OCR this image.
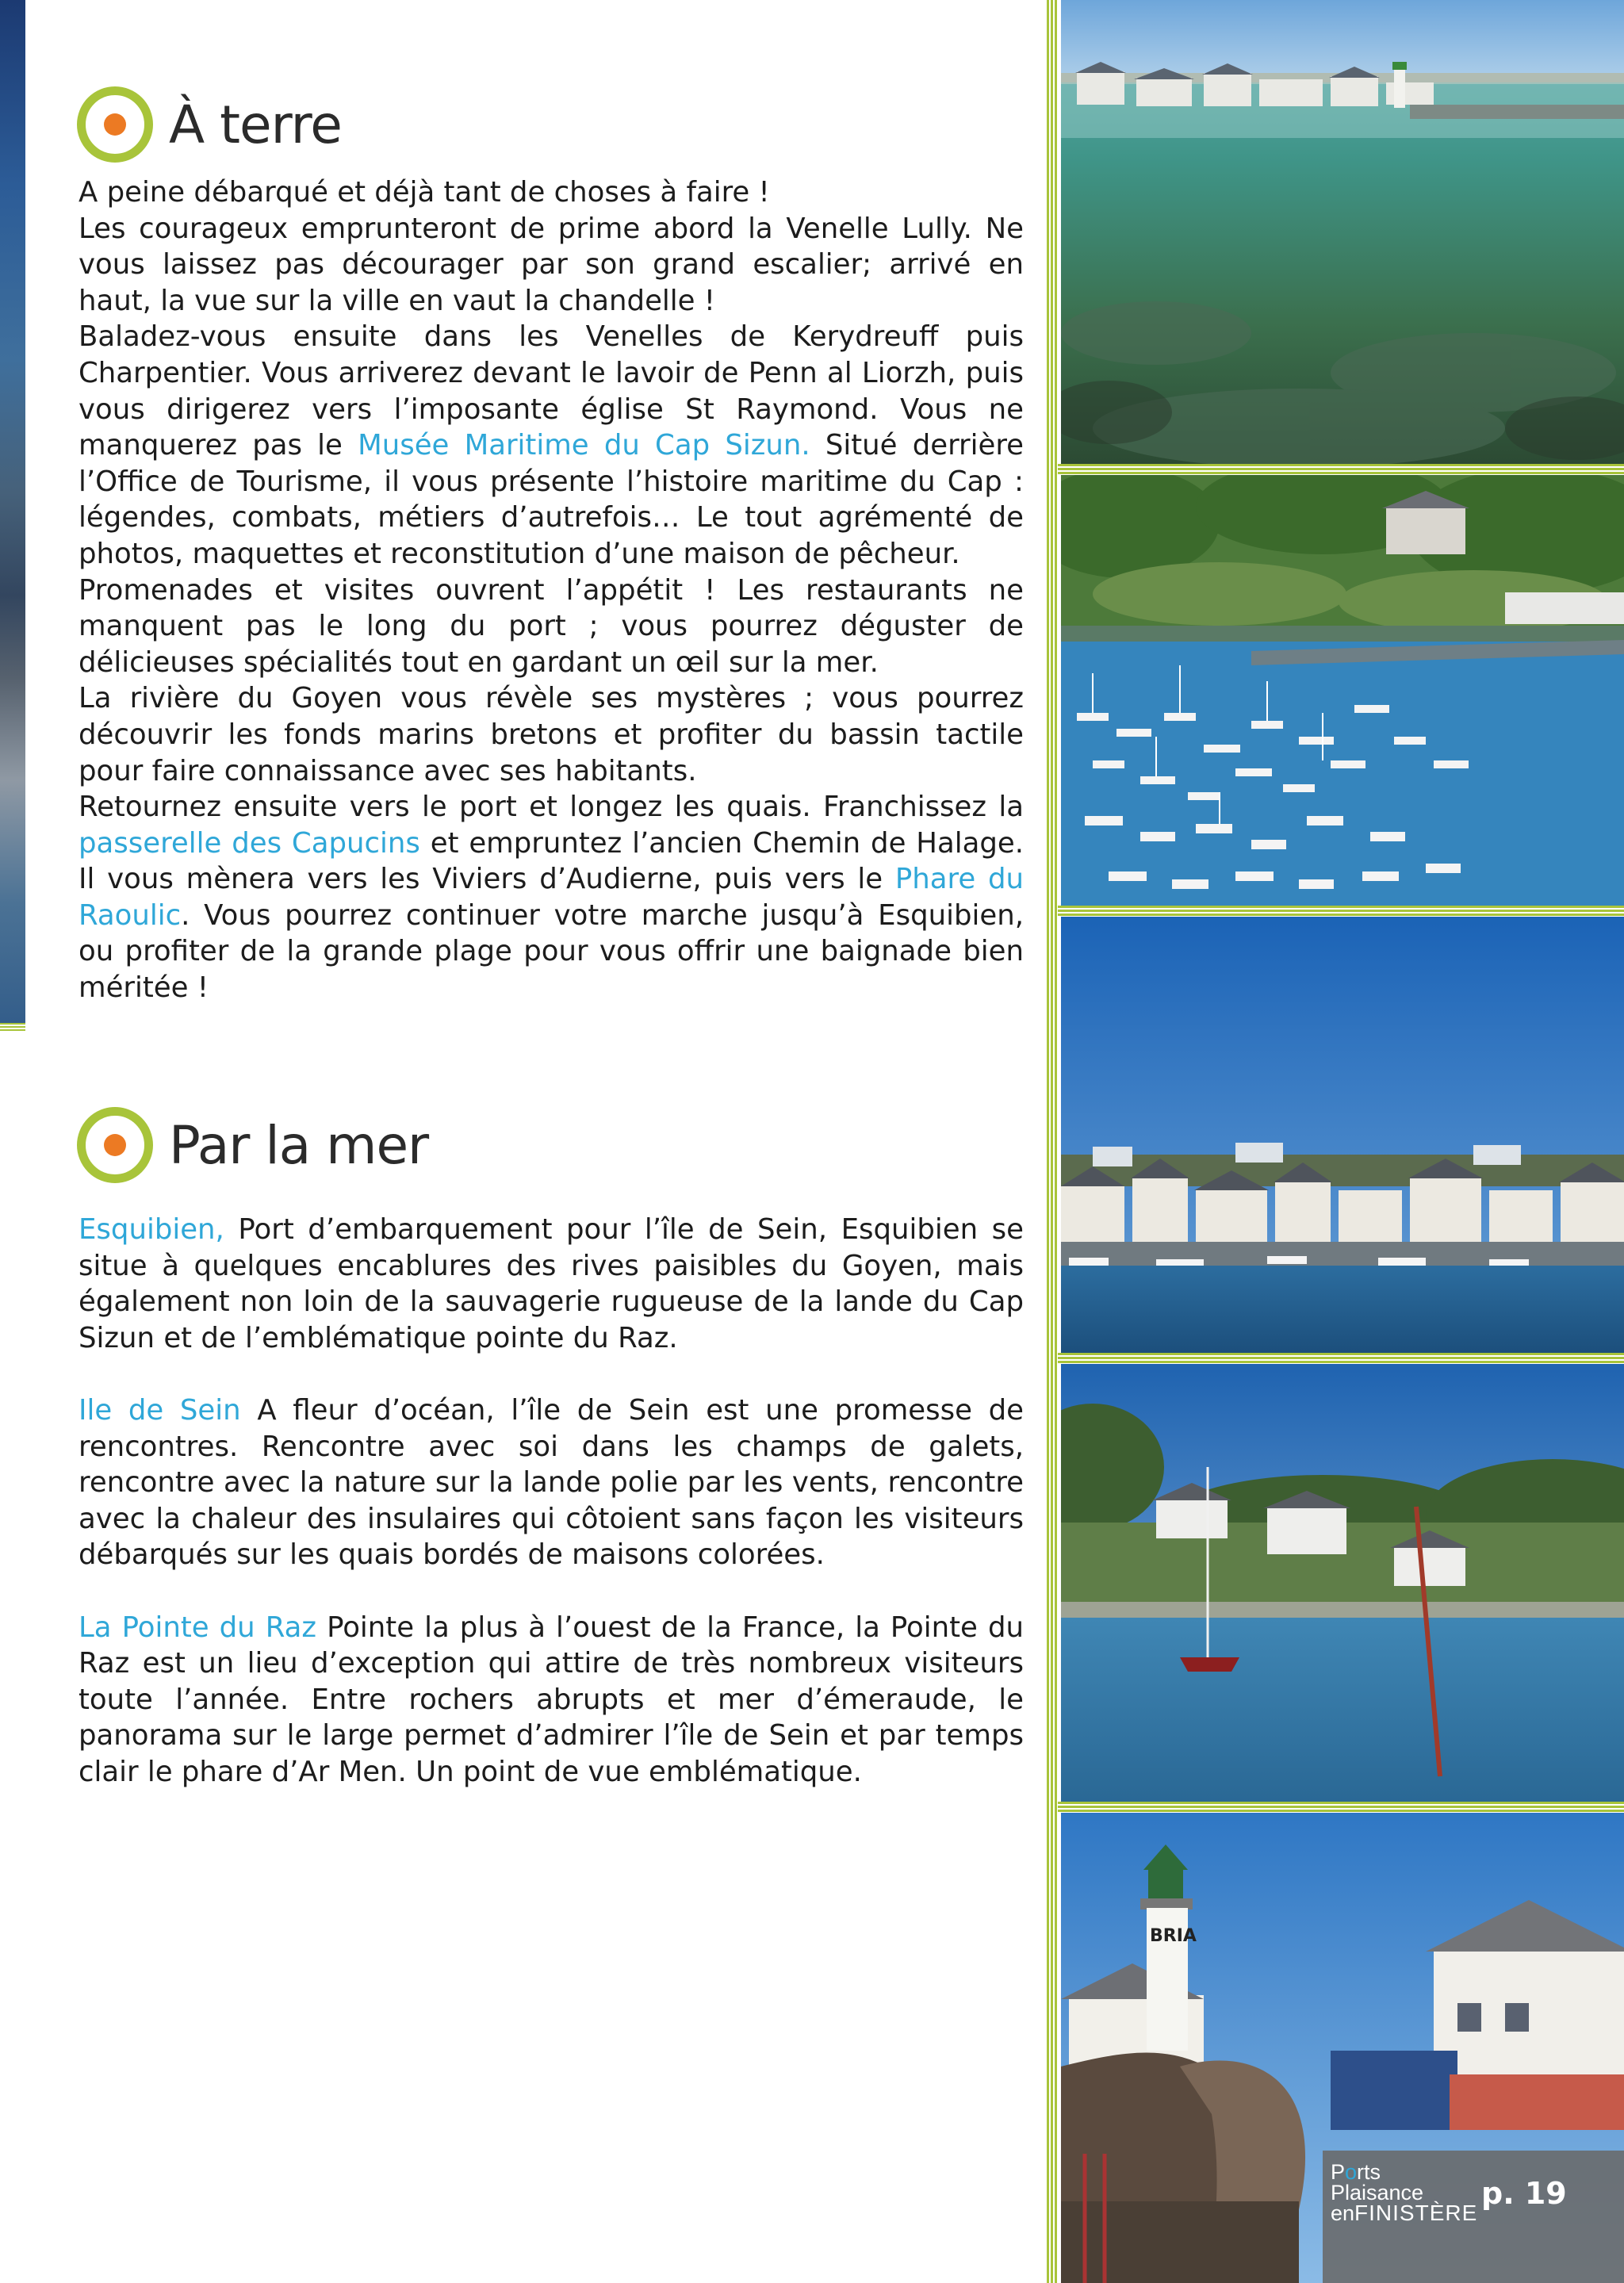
À terre

A peine débarqué et déjà tant de choses à faire !

Les courageux emprunteront de prime abord la Venelle Lully. Ne vous laissez pas décourager par son grand escalier; arrivé en haut, la vue sur la ville en vaut la chandelle !

Baladez-vous ensuite dans les Venelles de Kerydreuff puis Charpentier. Vous arriverez devant le lavoir de Penn al Liorzh, puis vous dirigerez vers l’imposante église St Raymond. Vous ne manquerez pas le Musée Maritime du Cap Sizun. Situé derrière l’Office de Tourisme, il vous présente l’histoire maritime du Cap : légendes, combats, métiers d’autrefois… Le tout agrémenté de photos, maquettes et reconstitution d’une maison de pêcheur.

Promenades et visites ouvrent l’appétit ! Les restaurants ne manquent pas le long du port ; vous pourrez déguster de délicieuses spécialités tout en gardant un œil sur la mer.

La rivière du Goyen vous révèle ses mystères ; vous pourrez découvrir les fonds marins bretons et profiter du bassin tactile pour faire connaissance avec ses habitants.

Retournez ensuite vers le port et longez les quais. Franchissez la passerelle des Capucins et empruntez l’ancien Chemin de Halage. Il vous mènera vers les Viviers d’Audierne, puis vers le Phare du Raoulic. Vous pourrez continuer votre marche jusqu’à Esquibien, ou profiter de la grande plage pour vous offrir une baignade bien méritée !

Par la mer

Esquibien, Port d’embarquement pour l’île de Sein, Esquibien se situe à quelques encablures des rives paisibles du Goyen, mais également non loin de la sauvagerie rugueuse de la lande du Cap Sizun et de l’emblématique pointe du Raz.

Ile de Sein A fleur d’océan, l’île de Sein est une promesse de rencontres. Rencontre avec soi dans les champs de galets, rencontre avec la nature sur la lande polie par les vents, rencontre avec la chaleur des insulaires qui côtoient sans façon les visiteurs débarqués sur les quais bordés de maisons colorées.

La Pointe du Raz Pointe la plus à l’ouest de la France, la Pointe du Raz est un lieu d’exception qui attire de très nombreux visiteurs toute l’année. Entre rochers abrupts et mer d’émeraude, le panorama sur le large permet d’admirer l’île de Sein et par temps clair le phare d’Ar Men. Un point de vue emblématique.

BRIA
Ports
Plaisance
enFINISTÈRE
p. 19
